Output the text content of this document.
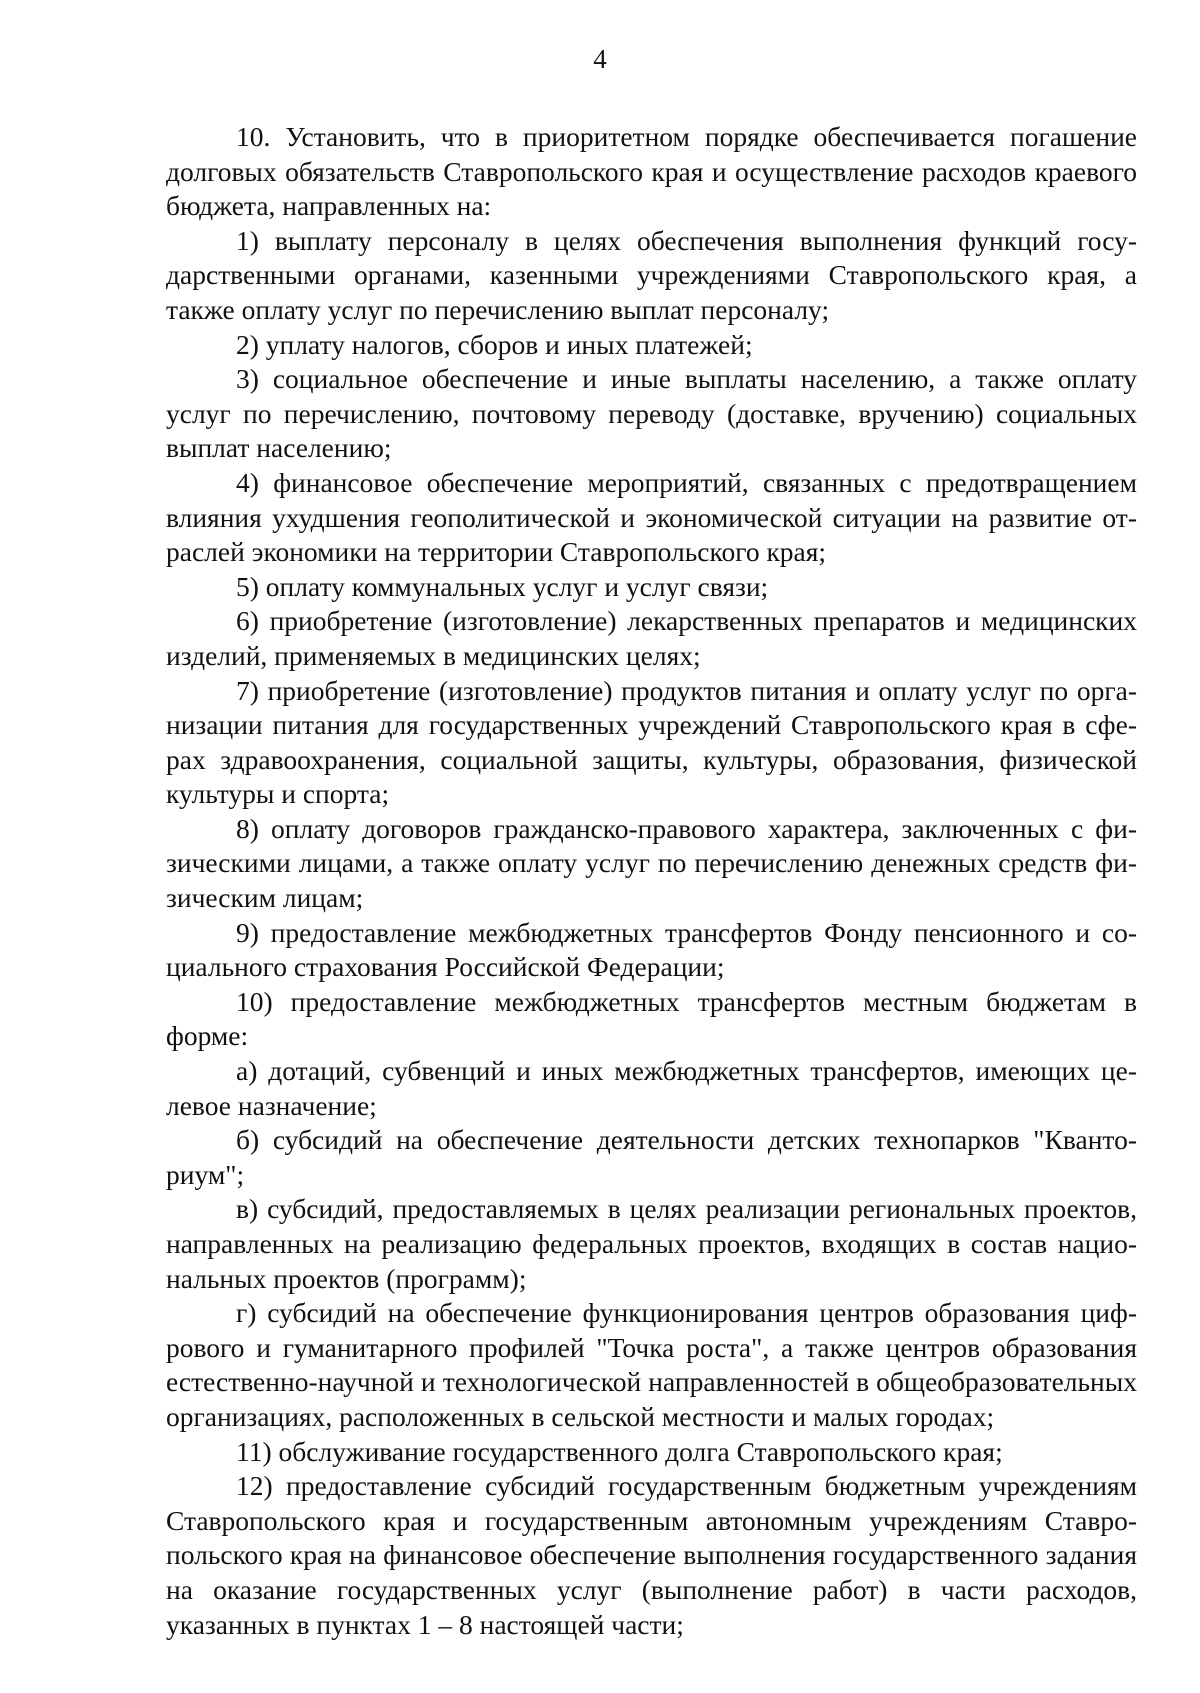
4

10. Установить, что в приоритетном порядке обеспечивается погашение долговых обязательств Ставропольского края и осуществление расходов краевого бюджета, направленных на:

1) выплату персоналу в целях обеспечения выполнения функций государственными органами, казенными учреждениями Ставропольского края, а также оплату услуг по перечислению выплат персоналу;

2) уплату налогов, сборов и иных платежей;

3) социальное обеспечение и иные выплаты населению, а также оплату услуг по перечислению, почтовому переводу (доставке, вручению) социальных выплат населению;

4) финансовое обеспечение мероприятий, связанных с предотвращением влияния ухудшения геополитической и экономической ситуации на развитие отраслей экономики на территории Ставропольского края;

5) оплату коммунальных услуг и услуг связи;

6) приобретение (изготовление) лекарственных препаратов и медицинских изделий, применяемых в медицинских целях;

7) приобретение (изготовление) продуктов питания и оплату услуг по организации питания для государственных учреждений Ставропольского края в сферах здравоохранения, социальной защиты, культуры, образования, физической культуры и спорта;

8) оплату договоров гражданско-правового характера, заключенных с физическими лицами, а также оплату услуг по перечислению денежных средств физическим лицам;

9) предоставление межбюджетных трансфертов Фонду пенсионного и социального страхования Российской Федерации;

10) предоставление межбюджетных трансфертов местным бюджетам в форме:

а) дотаций, субвенций и иных межбюджетных трансфертов, имеющих целевое назначение;

б) субсидий на обеспечение деятельности детских технопарков "Кванториум";

в) субсидий, предоставляемых в целях реализации региональных проектов, направленных на реализацию федеральных проектов, входящих в состав национальных проектов (программ);

г) субсидий на обеспечение функционирования центров образования цифрового и гуманитарного профилей "Точка роста", а также центров образования естественно-научной и технологической направленностей в общеобразовательных организациях, расположенных в сельской местности и малых городах;

11) обслуживание государственного долга Ставропольского края;

12) предоставление субсидий государственным бюджетным учреждениям Ставропольского края и государственным автономным учреждениям Ставропольского края на финансовое обеспечение выполнения государственного задания на оказание государственных услуг (выполнение работ) в части расходов, указанных в пунктах 1 – 8 настоящей части;
